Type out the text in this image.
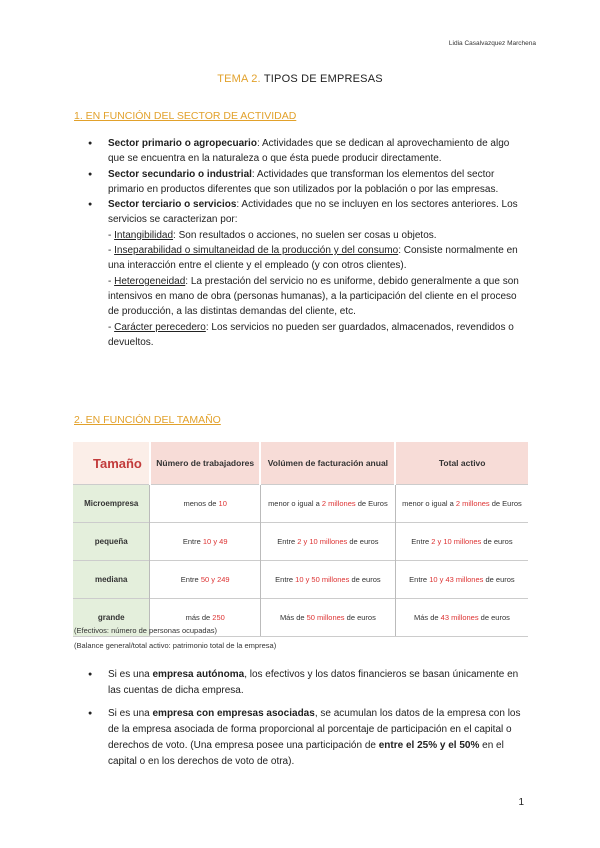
Lidia Casalvazquez Marchena
TEMA 2. TIPOS DE EMPRESAS
1. EN FUNCIÓN DEL SECTOR DE ACTIVIDAD
● Sector primario o agropecuario: Actividades que se dedican al aprovechamiento de algo que se encuentra en la naturaleza o que ésta puede producir directamente.
● Sector secundario o industrial: Actividades que transforman los elementos del sector primario en productos diferentes que son utilizados por la población o por las empresas.
● Sector terciario o servicios: Actividades que no se incluyen en los sectores anteriores. Los servicios se caracterizan por:

- Intangibilidad: Son resultados o acciones, no suelen ser cosas u objetos.

- Inseparabilidad o simultaneidad de la producción y del consumo: Consiste normalmente en una interacción entre el cliente y el empleado (y con otros clientes).

- Heterogeneidad: La prestación del servicio no es uniforme, debido generalmente a que son intensivos en mano de obra (personas humanas), a la participación del cliente en el proceso de producción, a las distintas demandas del cliente, etc.

- Carácter perecedero: Los servicios no pueden ser guardados, almacenados, revendidos o devueltos.

2. EN FUNCIÓN DEL TAMAÑO
Tamaño	Número de trabajadores	Volúmen de facturación anual	Total activo
Microempresa	menos de 10	menor o igual a 2 millones de Euros	menor o igual a 2 millones de Euros
pequeña	Entre 10 y 49	Entre 2 y 10 millones de euros	Entre 2 y 10 millones de euros
mediana	Entre 50 y 249	Entre 10 y 50 millones de euros	Entre 10 y 43 millones de euros
grande	más de 250	Más de 50 millones de euros	Más de 43 millones de euros
(Efectivos: número de personas ocupadas)
(Balance general/total activo: patrimonio total de la empresa)
● Si es una empresa autónoma, los efectivos y los datos financieros se basan únicamente en las cuentas de dicha empresa.
● Si es una empresa con empresas asociadas, se acumulan los datos de la empresa con los de la empresa asociada de forma proporcional al porcentaje de participación en el capital o derechos de voto. (Una empresa posee una participación de entre el 25% y el 50% en el capital o en los derechos de voto de otra).
1
